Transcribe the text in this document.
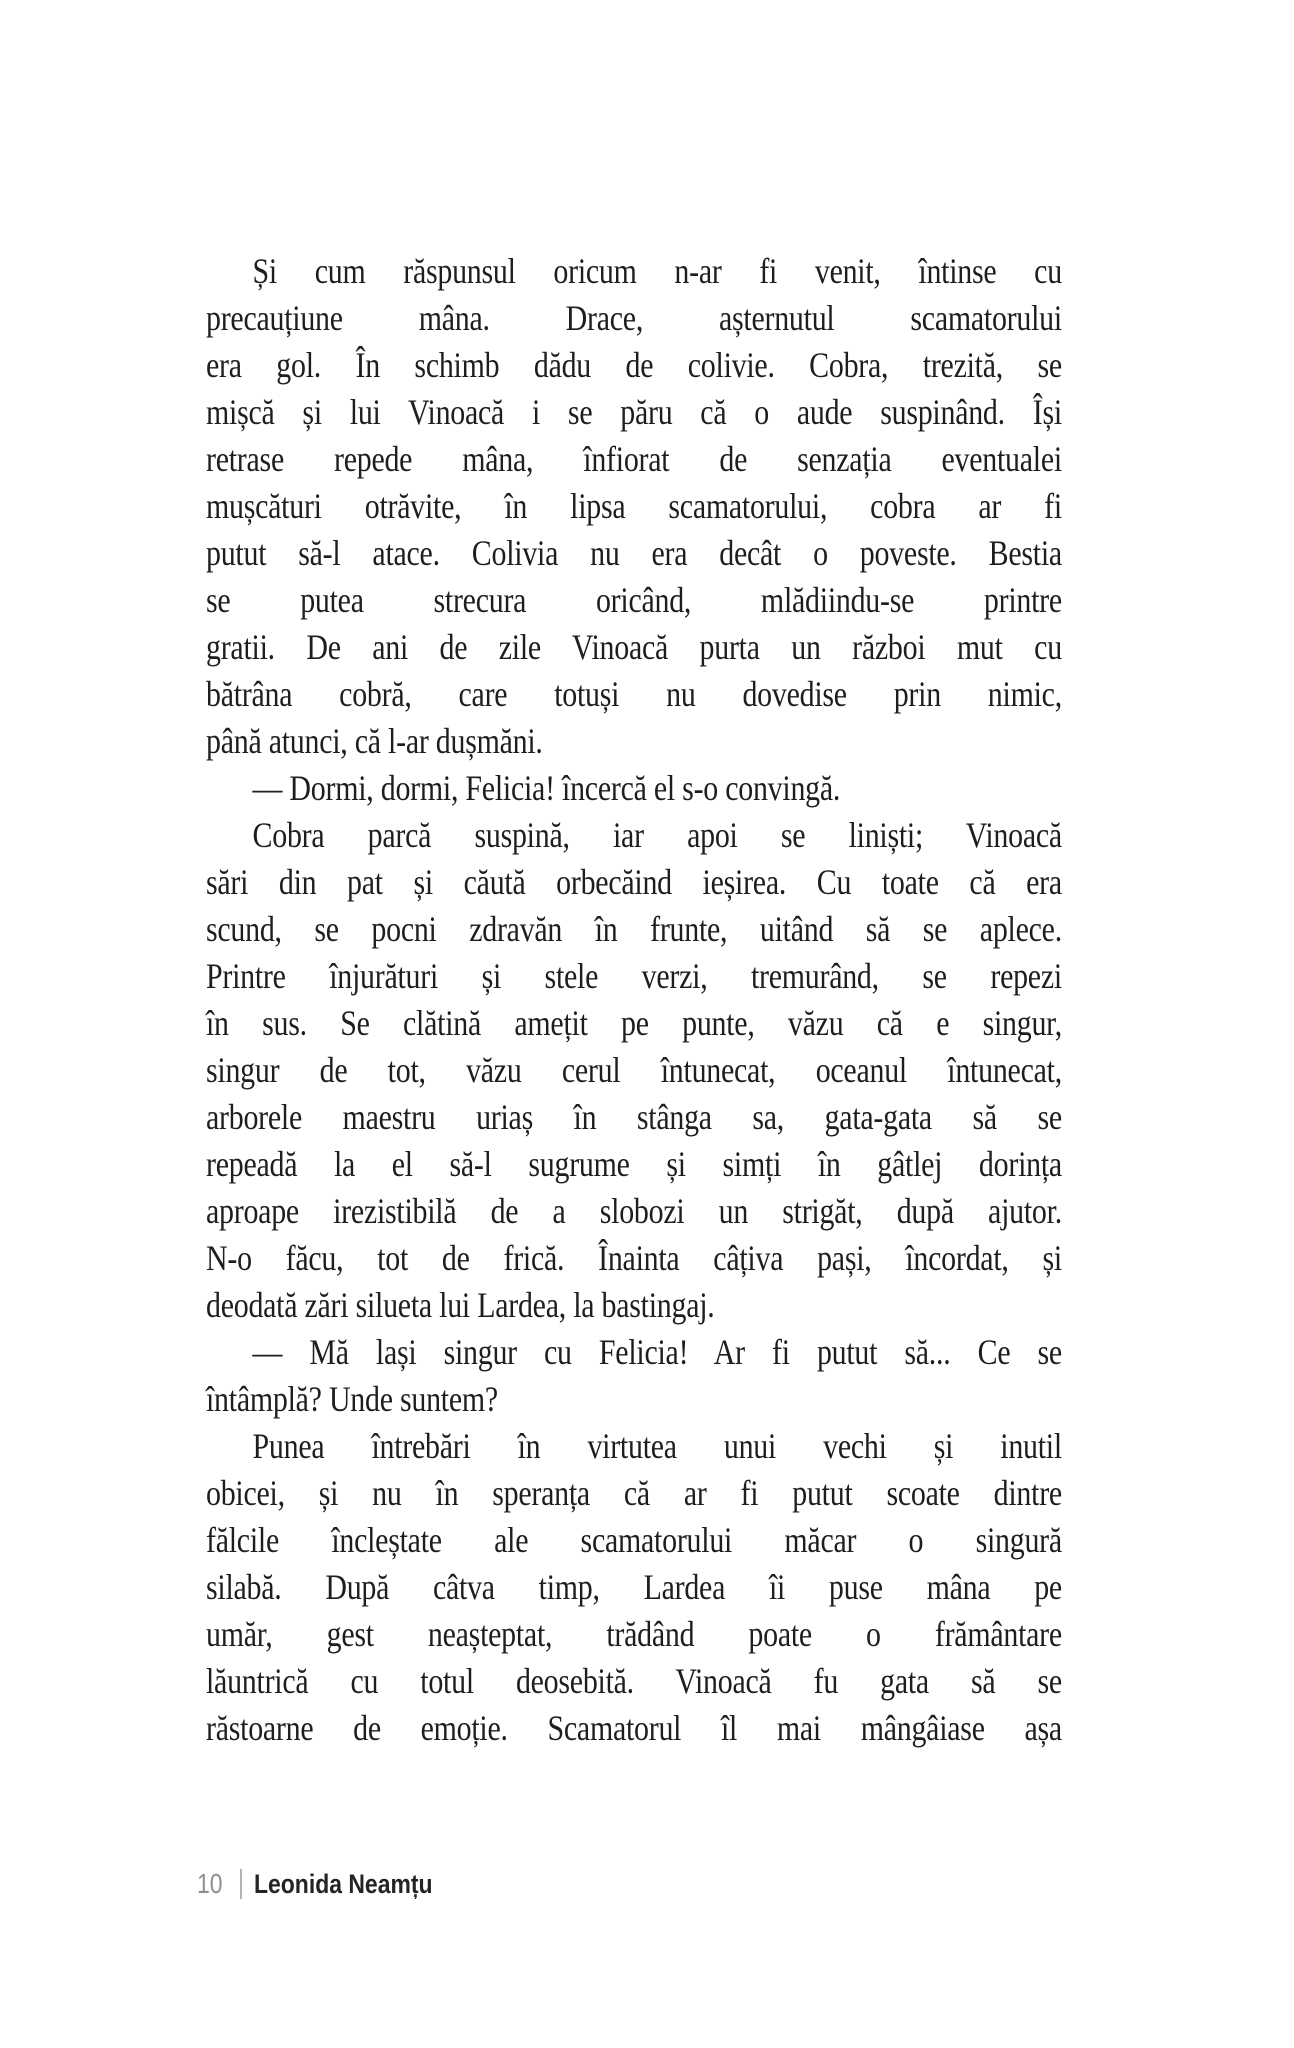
Și cum răspunsul oricum n-ar fi venit, întinse cu
precauțiune mâna. Drace, așternutul scamatorului
era gol. În schimb dădu de colivie. Cobra, trezită, se
mișcă și lui Vinoacă i se păru că o aude suspinând. Își
retrase repede mâna, înfiorat de senzația eventualei
mușcături otrăvite, în lipsa scamatorului, cobra ar fi
putut să-l atace. Colivia nu era decât o poveste. Bestia
se putea strecura oricând, mlădiindu-se printre
gratii. De ani de zile Vinoacă purta un război mut cu
bătrâna cobră, care totuși nu dovedise prin nimic,
până atunci, că l-ar dușmăni.
— Dormi, dormi, Felicia! încercă el s-o convingă.
Cobra parcă suspină, iar apoi se liniști; Vinoacă
sări din pat și căută orbecăind ieșirea. Cu toate că era
scund, se pocni zdravăn în frunte, uitând să se aplece.
Printre înjurături și stele verzi, tremurând, se repezi
în sus. Se clătină amețit pe punte, văzu că e singur,
singur de tot, văzu cerul întunecat, oceanul întunecat,
arborele maestru uriaș în stânga sa, gata-gata să se
repeadă la el să-l sugrume și simți în gâtlej dorința
aproape irezistibilă de a slobozi un strigăt, după ajutor.
N-o făcu, tot de frică. Înainta câțiva pași, încordat, și
deodată zări silueta lui Lardea, la bastingaj.
— Mă lași singur cu Felicia! Ar fi putut să... Ce se
întâmplă? Unde suntem?
Punea întrebări în virtutea unui vechi și inutil
obicei, și nu în speranța că ar fi putut scoate dintre
fălcile încleștate ale scamatorului măcar o singură
silabă. După câtva timp, Lardea îi puse mâna pe
umăr, gest neașteptat, trădând poate o frământare
lăuntrică cu totul deosebită. Vinoacă fu gata să se
răstoarne de emoție. Scamatorul îl mai mângâiase așa
10 Leonida Neamțu
